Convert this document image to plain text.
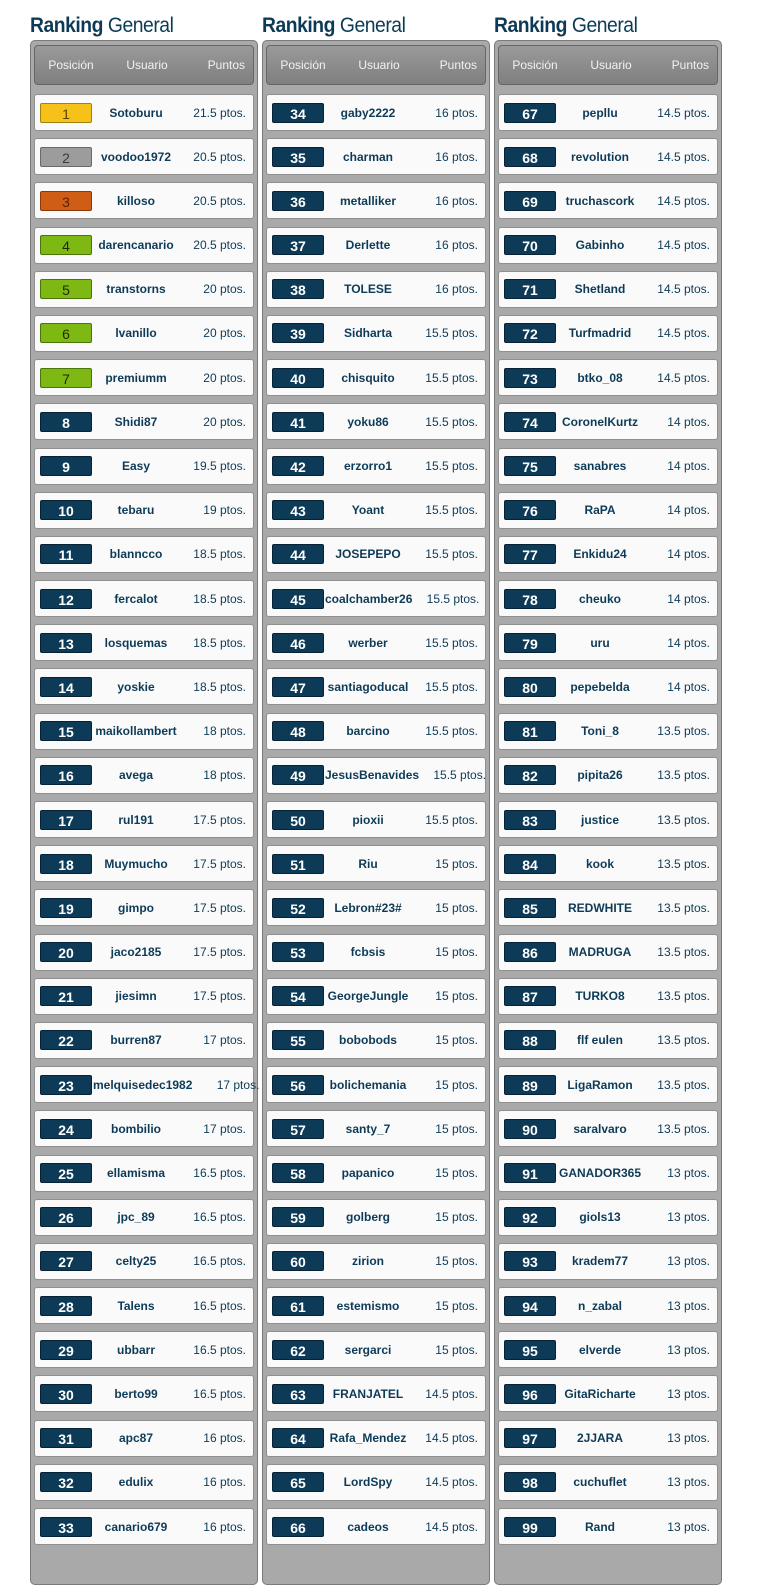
Ranking General
Posición	Usuario	Puntos
1	Sotoburu	21.5 ptos.
2	voodoo1972	20.5 ptos.
3	killoso	20.5 ptos.
4	darencanario	20.5 ptos.
5	transtorns	20 ptos.
6	lvanillo	20 ptos.
7	premiumm	20 ptos.
8	Shidi87	20 ptos.
9	Easy	19.5 ptos.
10	tebaru	19 ptos.
11	blanncco	18.5 ptos.
12	fercalot	18.5 ptos.
13	losquemas	18.5 ptos.
14	yoskie	18.5 ptos.
15	maikollambert	18 ptos.
16	avega	18 ptos.
17	rul191	17.5 ptos.
18	Muymucho	17.5 ptos.
19	gimpo	17.5 ptos.
20	jaco2185	17.5 ptos.
21	jiesimn	17.5 ptos.
22	burren87	17 ptos.
23	melquisedec1982	17 ptos.
24	bombilio	17 ptos.
25	ellamisma	16.5 ptos.
26	jpc_89	16.5 ptos.
27	celty25	16.5 ptos.
28	Talens	16.5 ptos.
29	ubbarr	16.5 ptos.
30	berto99	16.5 ptos.
31	apc87	16 ptos.
32	edulix	16 ptos.
33	canario679	16 ptos.
Ranking General
Posición	Usuario	Puntos
34	gaby2222	16 ptos.
35	charman	16 ptos.
36	metalliker	16 ptos.
37	Derlette	16 ptos.
38	TOLESE	16 ptos.
39	Sidharta	15.5 ptos.
40	chisquito	15.5 ptos.
41	yoku86	15.5 ptos.
42	erzorro1	15.5 ptos.
43	Yoant	15.5 ptos.
44	JOSEPEPO	15.5 ptos.
45	coalchamber26	15.5 ptos.
46	werber	15.5 ptos.
47	santiagoducal	15.5 ptos.
48	barcino	15.5 ptos.
49	JesusBenavides	15.5 ptos.
50	pioxii	15.5 ptos.
51	Riu	15 ptos.
52	Lebron#23#	15 ptos.
53	fcbsis	15 ptos.
54	GeorgeJungle	15 ptos.
55	bobobods	15 ptos.
56	bolichemania	15 ptos.
57	santy_7	15 ptos.
58	papanico	15 ptos.
59	golberg	15 ptos.
60	zirion	15 ptos.
61	estemismo	15 ptos.
62	sergarci	15 ptos.
63	FRANJATEL	14.5 ptos.
64	Rafa_Mendez	14.5 ptos.
65	LordSpy	14.5 ptos.
66	cadeos	14.5 ptos.
Ranking General
Posición	Usuario	Puntos
67	pepllu	14.5 ptos.
68	revolution	14.5 ptos.
69	truchascork	14.5 ptos.
70	Gabinho	14.5 ptos.
71	Shetland	14.5 ptos.
72	Turfmadrid	14.5 ptos.
73	btko_08	14.5 ptos.
74	CoronelKurtz	14 ptos.
75	sanabres	14 ptos.
76	RaPA	14 ptos.
77	Enkidu24	14 ptos.
78	cheuko	14 ptos.
79	uru	14 ptos.
80	pepebelda	14 ptos.
81	Toni_8	13.5 ptos.
82	pipita26	13.5 ptos.
83	justice	13.5 ptos.
84	kook	13.5 ptos.
85	REDWHITE	13.5 ptos.
86	MADRUGA	13.5 ptos.
87	TURKO8	13.5 ptos.
88	flf eulen	13.5 ptos.
89	LigaRamon	13.5 ptos.
90	saralvaro	13.5 ptos.
91	GANADOR365	13 ptos.
92	giols13	13 ptos.
93	kradem77	13 ptos.
94	n_zabal	13 ptos.
95	elverde	13 ptos.
96	GitaRicharte	13 ptos.
97	2JJARA	13 ptos.
98	cuchuflet	13 ptos.
99	Rand	13 ptos.
